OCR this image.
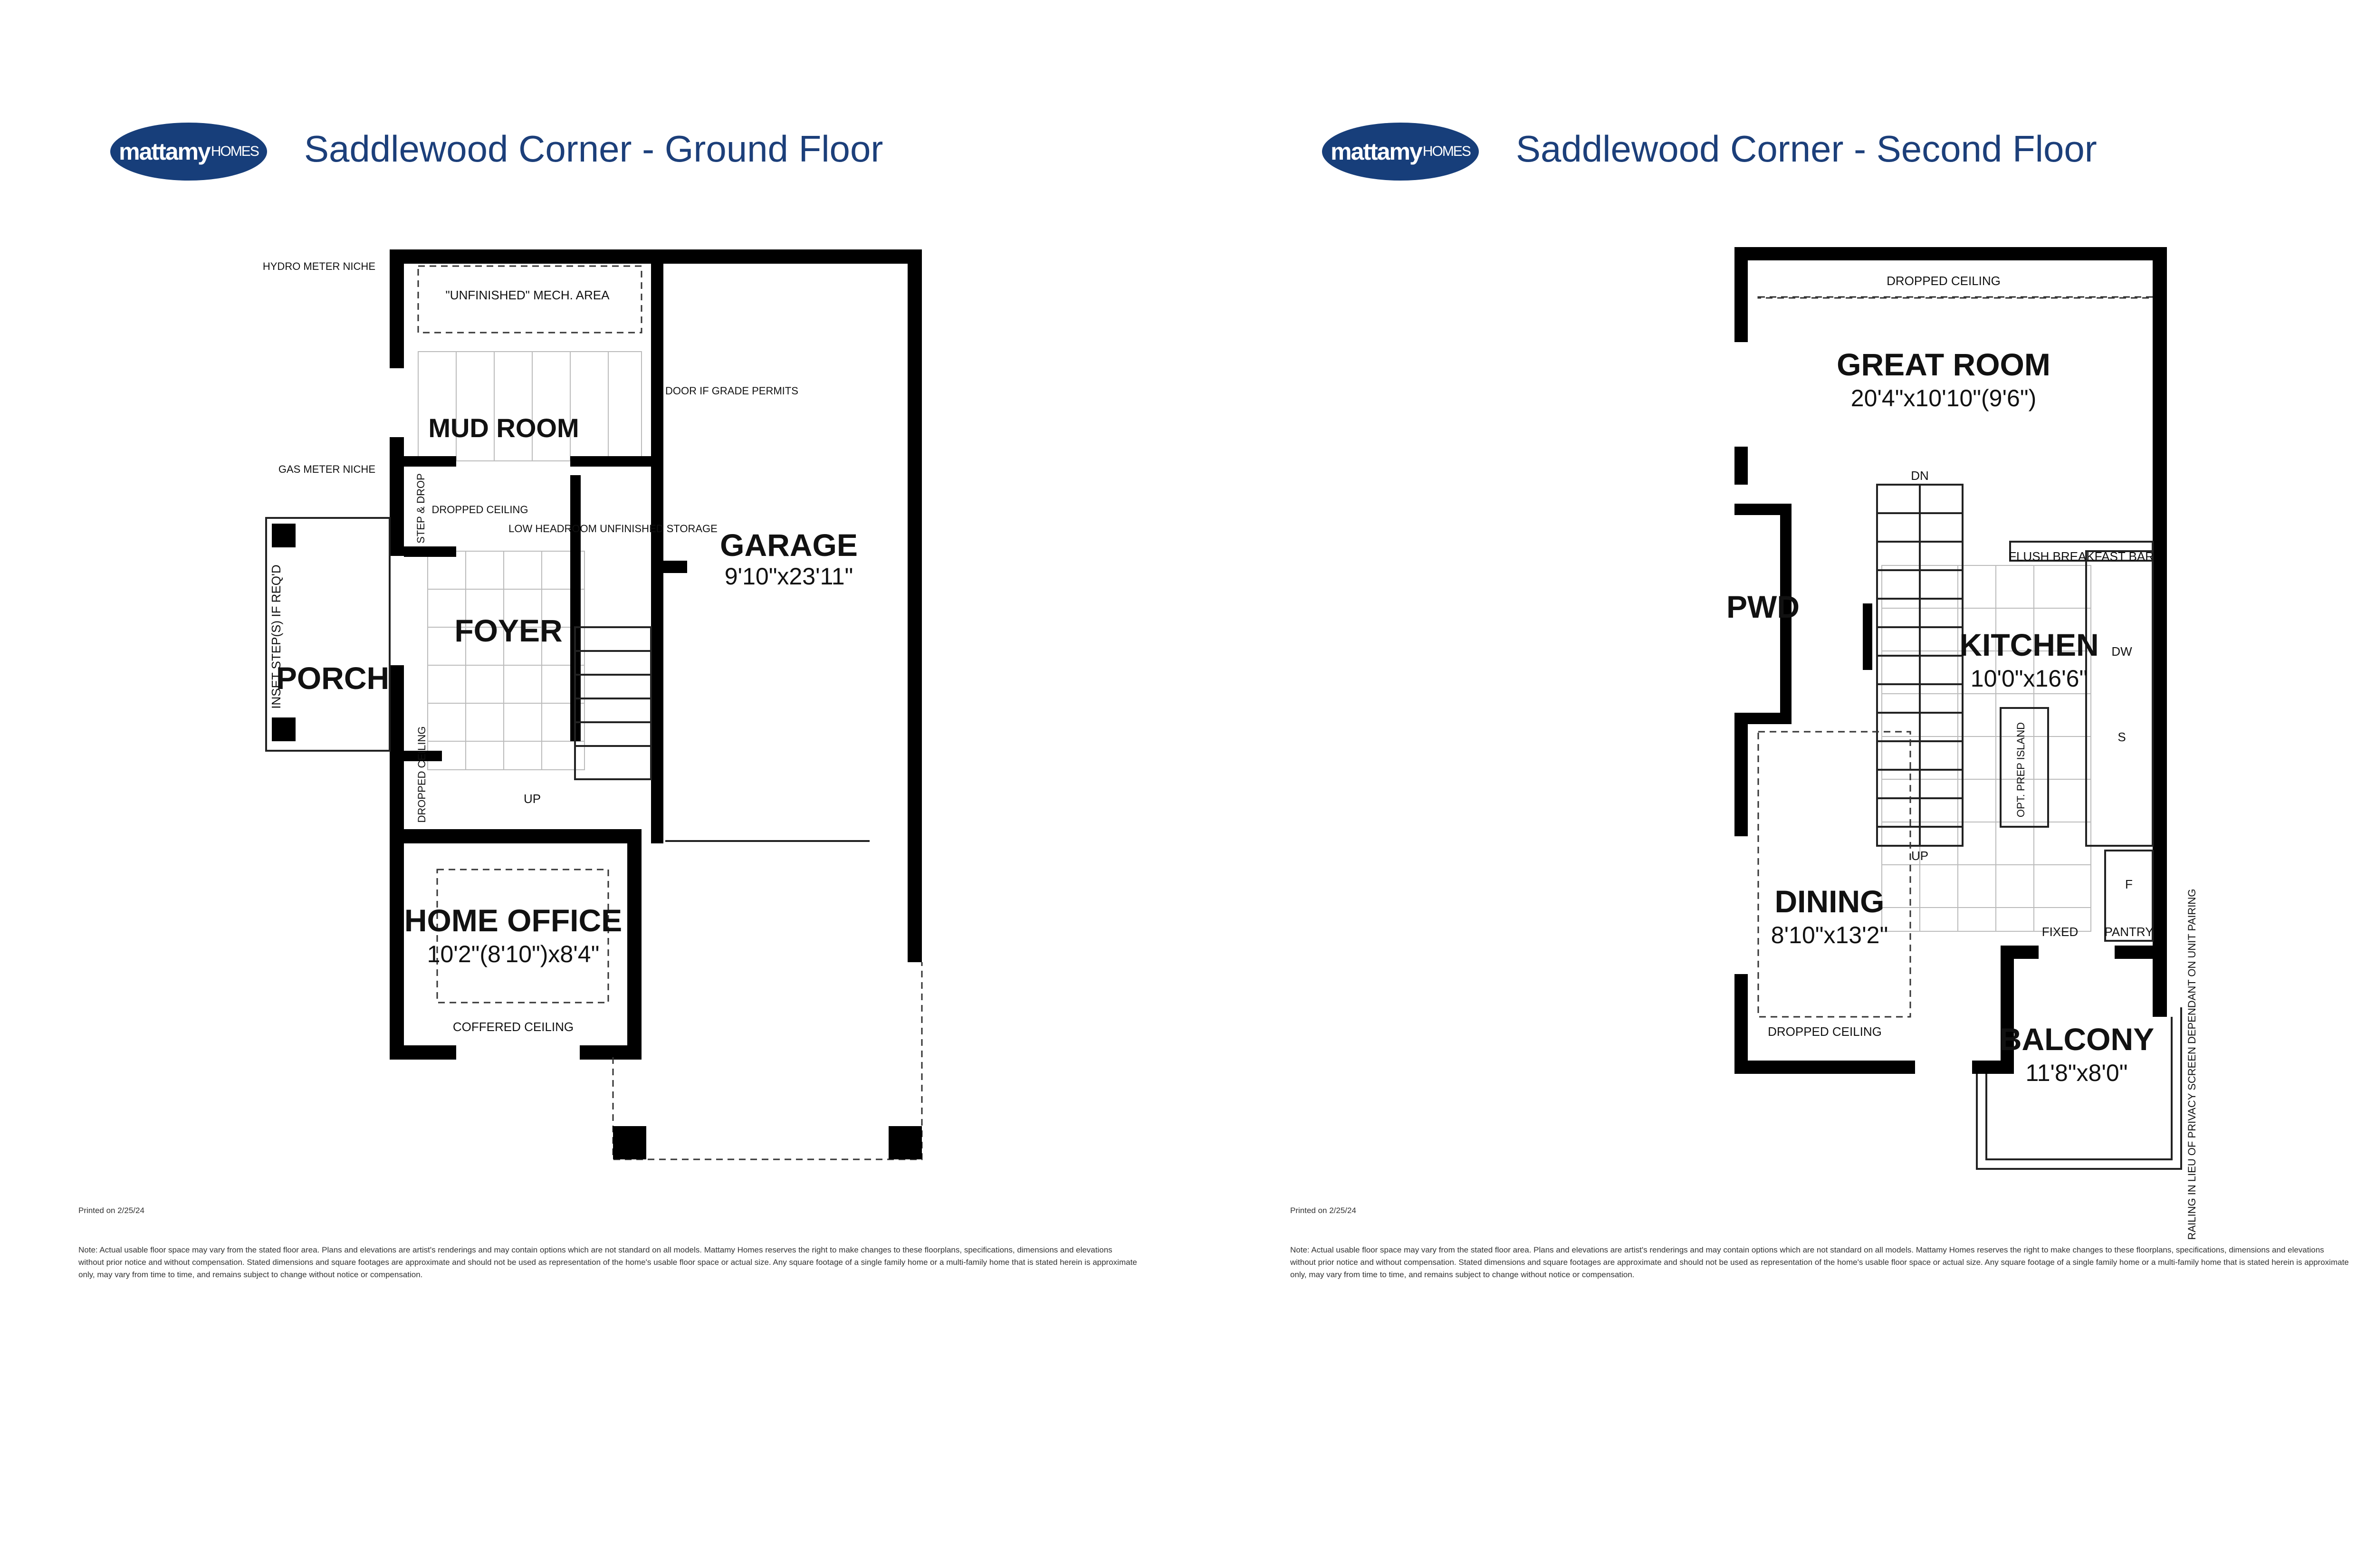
mattamy HOMES Saddlewood Corner - Ground Floor
HYDRO METER NICHE
GAS METER NICHE
"UNFINISHED" MECH. AREA
DOOR IF GRADE PERMITS
MUD ROOM
STEP & DROP DROPPED CEILING
LOW HEADROOM UNFINISHED STORAGE GARAGE
9'10"x23'11"
FOYER
INSET STEP(S) IF REQ'D
PORCH
DROPPED CEILING	UP
HOME OFFICE
10'2"(8'10")x8'4"
COFFERED CEILING
Printed on 2/25/24
Note: Actual usable floor space may vary from the stated floor area. Plans and elevations are artist's renderings and may contain options which are not standard on all models. Mattamy Homes reserves the right to make changes to these floorplans, specifications, dimensions and elevations without prior notice and without compensation. Stated dimensions and square footages are approximate and should not be used as representation of the home's usable floor space or actual size. Any square footage of a single family home or a multi-family home that is stated herein is approximate only, may vary from time to time, and remains subject to change without notice or compensation.
mattamy HOMES Saddlewood Corner - Second Floor
DROPPED CEILING
GREAT ROOM
20'4"x10'10"(9'6")
DN
FLUSH BREAKFAST BAR
PWD
KITCHEN
10'0"x16'6"
DW
S
F
OPT. PREP ISLAND
UP
DINING
8'10"x13'2"	FIXED PANTRY
DROPPED CEILING	BALCONY
11'8"x8'0"	RAILING IN LIEU OF PRIVACY SCREEN DEPENDANT ON UNIT PAIRING
Printed on 2/25/24
Note: Actual usable floor space may vary from the stated floor area. Plans and elevations are artist's renderings and may contain options which are not standard on all models. Mattamy Homes reserves the right to make changes to these floorplans, specifications, dimensions and elevations without prior notice and without compensation. Stated dimensions and square footages are approximate and should not be used as representation of the home's usable floor space or actual size. Any square footage of a single family home or a multi-family home that is stated herein is approximate only, may vary from time to time, and remains subject to change without notice or compensation.
